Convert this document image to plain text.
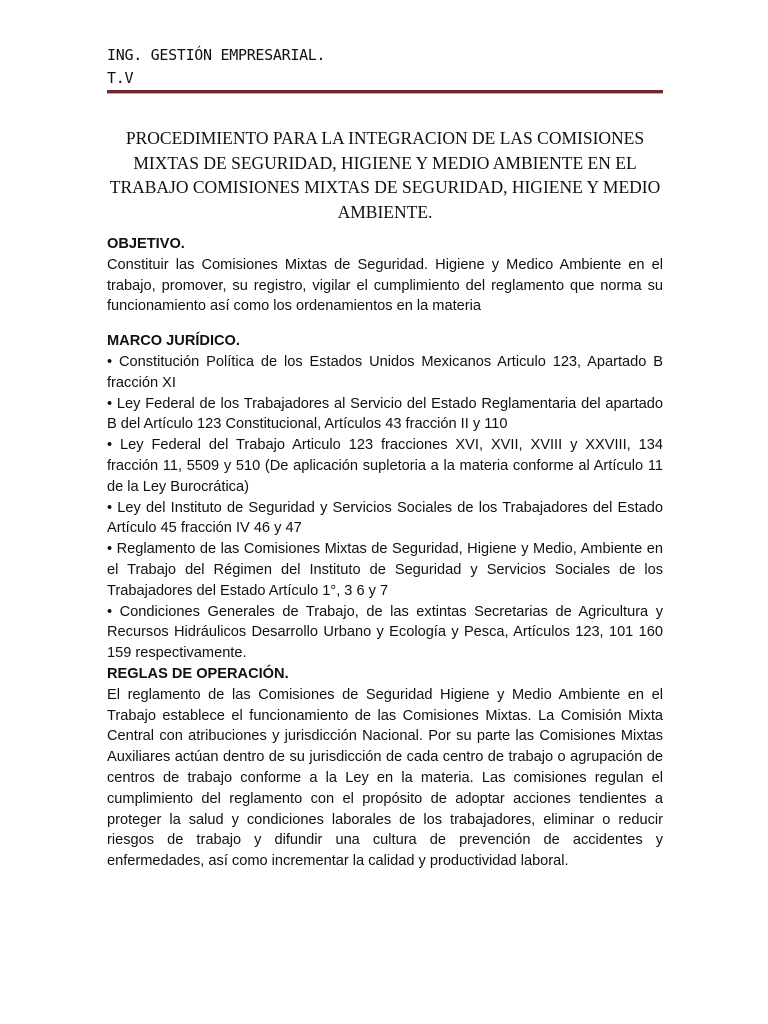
ING. GESTIÓN EMPRESARIAL.
T.V
PROCEDIMIENTO PARA LA INTEGRACION DE LAS COMISIONES MIXTAS DE SEGURIDAD, HIGIENE Y MEDIO AMBIENTE EN EL TRABAJO COMISIONES MIXTAS DE SEGURIDAD, HIGIENE Y MEDIO AMBIENTE.
OBJETIVO.

Constituir las Comisiones Mixtas de Seguridad. Higiene y Medico Ambiente en el trabajo, promover, su registro, vigilar el cumplimiento del reglamento que norma su funcionamiento así como los ordenamientos en la materia

MARCO JURÍDICO.

• Constitución Política de los Estados Unidos Mexicanos Articulo 123, Apartado B fracción XI

• Ley Federal de los Trabajadores al Servicio del Estado Reglamentaria del apartado B del Artículo 123 Constitucional, Artículos 43 fracción II y 110

• Ley Federal del Trabajo Articulo 123 fracciones XVI, XVII, XVIII y XXVIII, 134 fracción 11, 5509 y 510 (De aplicación supletoria a la materia conforme al Artículo 11 de la Ley Burocrática)

• Ley del Instituto de Seguridad y Servicios Sociales de los Trabajadores del Estado Artículo 45 fracción IV 46 y 47

• Reglamento de las Comisiones Mixtas de Seguridad, Higiene y Medio, Ambiente en el Trabajo del Régimen del Instituto de Seguridad y Servicios Sociales de los Trabajadores del Estado Artículo 1°, 3 6 y 7

• Condiciones Generales de Trabajo, de las extintas Secretarias de Agricultura y Recursos Hidráulicos Desarrollo Urbano y Ecología y Pesca, Artículos 123, 101 160 159 respectivamente.

REGLAS DE OPERACIÓN.

El reglamento de las Comisiones de Seguridad Higiene y Medio Ambiente en el Trabajo establece el funcionamiento de las Comisiones Mixtas. La Comisión Mixta Central con atribuciones y jurisdicción Nacional. Por su parte las Comisiones Mixtas Auxiliares actúan dentro de su jurisdicción de cada centro de trabajo o agrupación de centros de trabajo conforme a la Ley en la materia. Las comisiones regulan el cumplimiento del reglamento con el propósito de adoptar acciones tendientes a proteger la salud y condiciones laborales de los trabajadores, eliminar o reducir riesgos de trabajo y difundir una cultura de prevención de accidentes y enfermedades, así como incrementar la calidad y productividad laboral.
